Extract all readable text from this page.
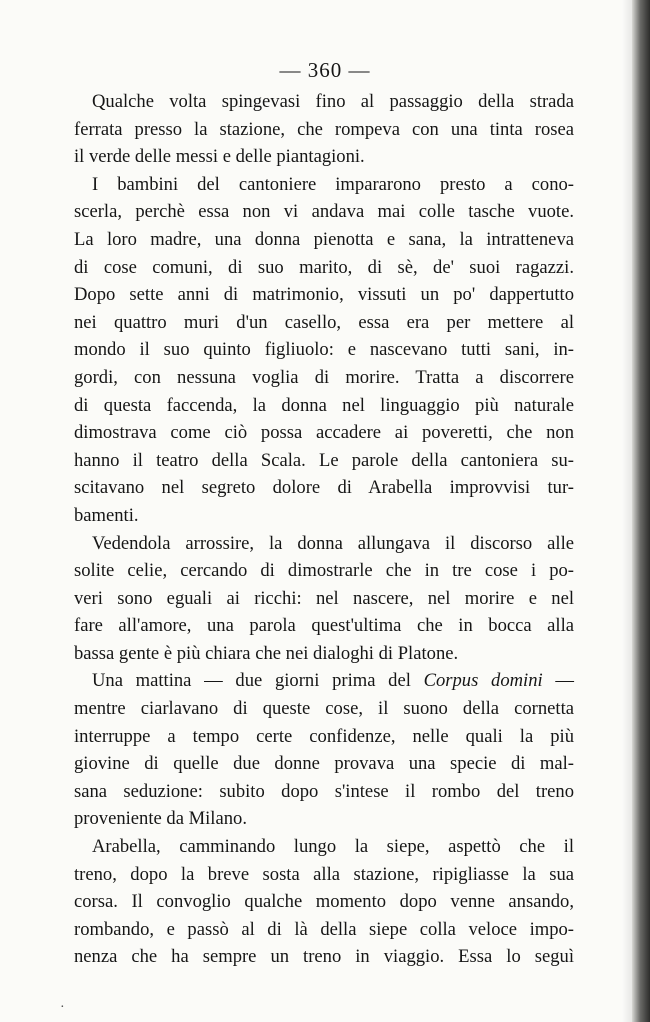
— 360 —
Qualche volta spingevasi fino al passaggio della strada
ferrata presso la stazione, che rompeva con una tinta rosea
il verde delle messi e delle piantagioni.
I bambini del cantoniere impararono presto a cono-
scerla, perchè essa non vi andava mai colle tasche vuote.
La loro madre, una donna pienotta e sana, la intratteneva
di cose comuni, di suo marito, di sè, de' suoi ragazzi.
Dopo sette anni di matrimonio, vissuti un po' dappertutto
nei quattro muri d'un casello, essa era per mettere al
mondo il suo quinto figliuolo: e nascevano tutti sani, in-
gordi, con nessuna voglia di morire. Tratta a discorrere
di questa faccenda, la donna nel linguaggio più naturale
dimostrava come ciò possa accadere ai poveretti, che non
hanno il teatro della Scala. Le parole della cantoniera su-
scitavano nel segreto dolore di Arabella improvvisi tur-
bamenti.
Vedendola arrossire, la donna allungava il discorso alle
solite celie, cercando di dimostrarle che in tre cose i po-
veri sono eguali ai ricchi: nel nascere, nel morire e nel
fare all'amore, una parola quest'ultima che in bocca alla
bassa gente è più chiara che nei dialoghi di Platone.
Una mattina — due giorni prima del Corpus domini —
mentre ciarlavano di queste cose, il suono della cornetta
interruppe a tempo certe confidenze, nelle quali la più
giovine di quelle due donne provava una specie di mal-
sana seduzione: subito dopo s'intese il rombo del treno
proveniente da Milano.
Arabella, camminando lungo la siepe, aspettò che il
treno, dopo la breve sosta alla stazione, ripigliasse la sua
corsa. Il convoglio qualche momento dopo venne ansando,
rombando, e passò al di là della siepe colla veloce impo-
nenza che ha sempre un treno in viaggio. Essa lo seguì
·
